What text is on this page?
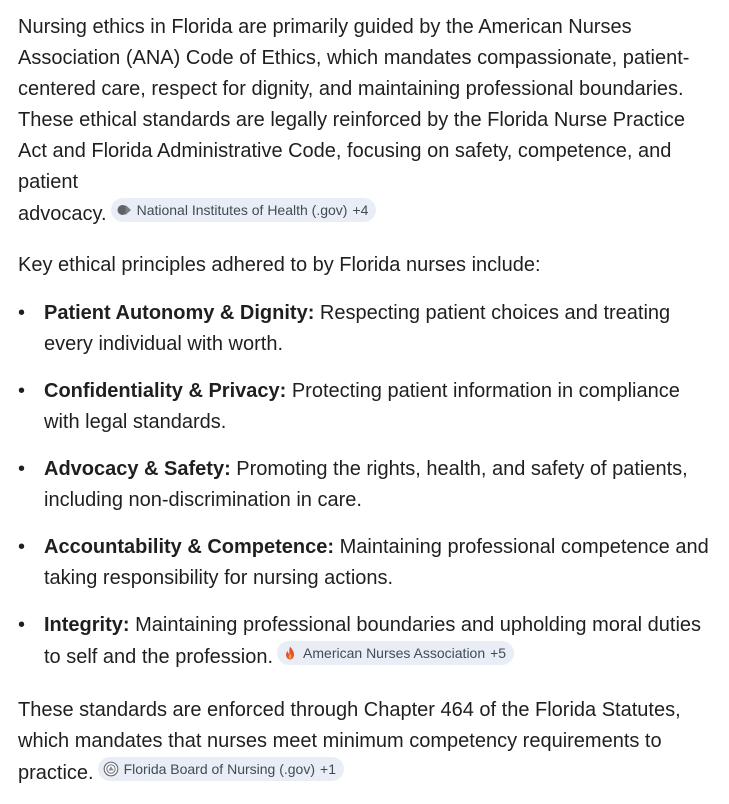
Nursing ethics in Florida are primarily guided by the American Nurses Association (ANA) Code of Ethics, which mandates compassionate, patient-centered care, respect for dignity, and maintaining professional boundaries. These ethical standards are legally reinforced by the Florida Nurse Practice Act and Florida Administrative Code, focusing on safety, competence, and patient
advocacy. National Institutes of Health (.gov) +4

Key ethical principles adhered to by Florida nurses include:

• Patient Autonomy & Dignity: Respecting patient choices and treating every individual with worth.
• Confidentiality & Privacy: Protecting patient information in compliance with legal standards.
• Advocacy & Safety: Promoting the rights, health, and safety of patients, including non-discrimination in care.
• Accountability & Competence: Maintaining professional competence and taking responsibility for nursing actions.
• Integrity: Maintaining professional boundaries and upholding moral duties to self and the profession. American Nurses Association +5

These standards are enforced through Chapter 464 of the Florida Statutes, which mandates that nurses meet minimum competency requirements to practice. Florida Board of Nursing (.gov) +1
